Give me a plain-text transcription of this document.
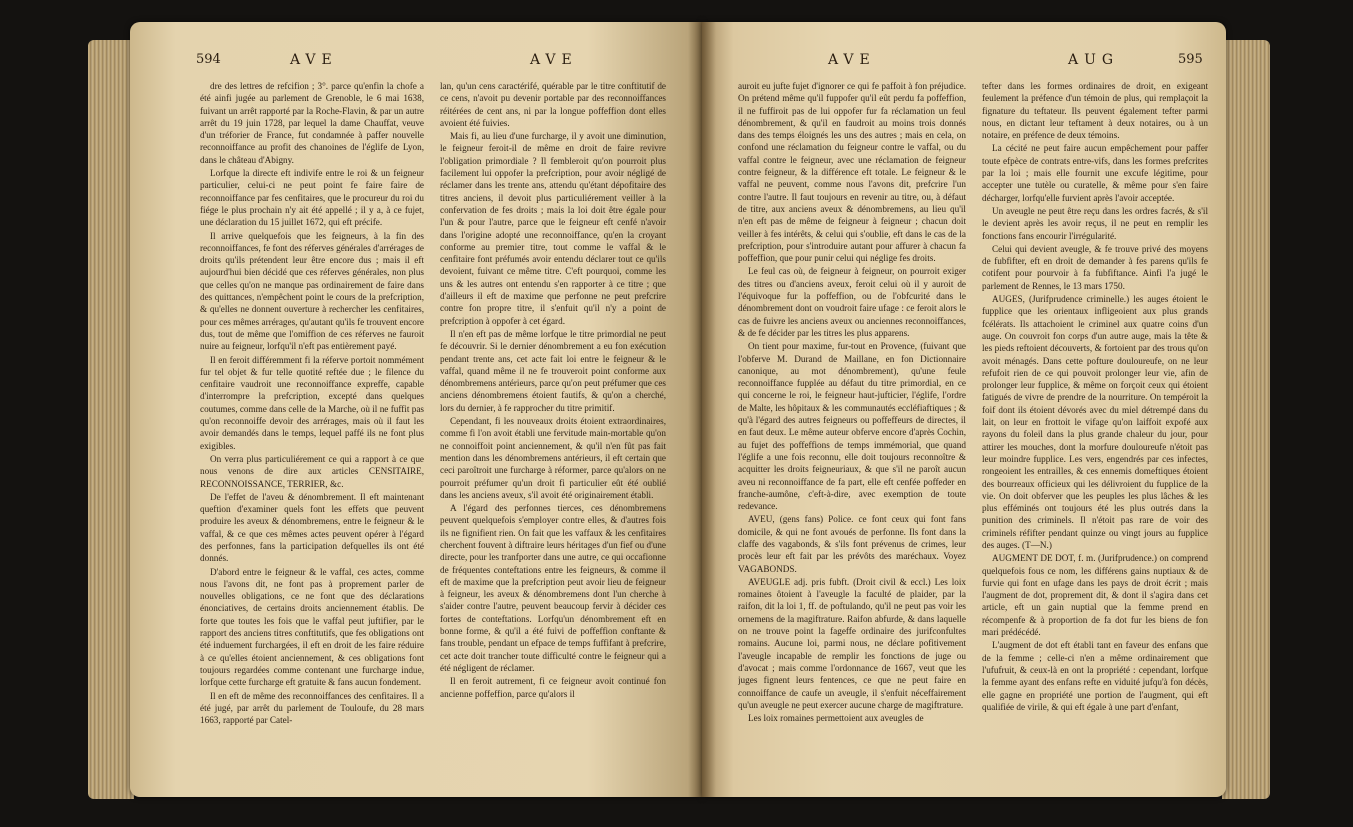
594	AVE	AVE	AVE	AUG	595

dre des lettres de refcifion ; 3°. parce qu'enfin la chofe a été ainfi jugée au parlement de Grenoble, le 6 mai 1638, fuivant un arrêt rapporté par la Roche-Flavin, & par un autre arrêt du 19 juin 1728, par lequel la dame Chauffat, veuve d'un tréforier de France, fut condamnée à paffer nouvelle reconnoiffance au profit des chanoines de l'églife de Lyon, dans le château d'Abigny.

Lorfque la directe eft indivife entre le roi & un feigneur particulier, celui-ci ne peut point fe faire faire de reconnoiffance par fes cenfitaires, que le procureur du roi du fiége le plus prochain n'y ait été appellé ; il y a, à ce fujet, une déclaration du 15 juillet 1672, qui eft précife.

Il arrive quelquefois que les feigneurs, à la fin des reconnoiffances, fe font des réferves générales d'arrérages de droits qu'ils prétendent leur être encore dus ; mais il eft aujourd'hui bien décidé que ces réferves générales, non plus que celles qu'on ne manque pas ordinairement de faire dans des quittances, n'empêchent point le cours de la prefcription, & qu'elles ne donnent ouverture à rechercher les cenfitaires, pour ces mêmes arrérages, qu'autant qu'ils fe trouvent encore dus, tout de même que l'omiffion de ces réferves ne fauroit nuire au feigneur, lorfqu'il n'eft pas entièrement payé.

Il en feroit différemment fi la réferve portoit nommément fur tel objet & fur telle quotité reftée due ; le filence du cenfitaire vaudroit une reconnoiffance expreffe, capable d'interrompre la prefcription, excepté dans quelques coutumes, comme dans celle de la Marche, où il ne fuffit pas qu'on reconnoiffe devoir des arrérages, mais où il faut les avoir demandés dans le temps, lequel paffé ils ne font plus exigibles.

On verra plus particuliérement ce qui a rapport à ce que nous venons de dire aux articles CENSITAIRE, RECONNOISSANCE, TERRIER, &c.

De l'effet de l'aveu & dénombrement. Il eft maintenant queftion d'examiner quels font les effets que peuvent produire les aveux & dénombremens, entre le feigneur & le vaffal, & ce que ces mêmes actes peuvent opérer à l'égard des perfonnes, fans la participation defquelles ils ont été donnés.

D'abord entre le feigneur & le vaffal, ces actes, comme nous l'avons dit, ne font pas à proprement parler de nouvelles obligations, ce ne font que des déclarations énonciatives, de certains droits anciennement établis. De forte que toutes les fois que le vaffal peut juftifier, par le rapport des anciens titres conftitutifs, que fes obligations ont été induement furchargées, il eft en droit de les faire réduire à ce qu'elles étoient anciennement, & ces obligations font toujours regardées comme contenant une furcharge indue, lorfque cette furcharge eft gratuite & fans aucun fondement.

Il en eft de même des reconnoiffances des cenfitaires. Il a été jugé, par arrêt du parlement de Touloufe, du 28 mars 1663, rapporté par Catel-

lan, qu'un cens caractérifé, quérable par le titre conftitutif de ce cens, n'avoit pu devenir portable par des reconnoiffances réitérées de cent ans, ni par la longue poffeffion dont elles avoient été fuivies.

Mais fi, au lieu d'une furcharge, il y avoit une diminution, le feigneur feroit-il de même en droit de faire revivre l'obligation primordiale ? Il fembleroit qu'on pourroit plus facilement lui oppofer la prefcription, pour avoir négligé de réclamer dans les trente ans, attendu qu'étant dépofitaire des titres anciens, il devoit plus particuliérement veiller à la confervation de fes droits ; mais la loi doit être égale pour l'un & pour l'autre, parce que le feigneur eft cenfé n'avoir dans l'origine adopté une reconnoiffance, qu'en la croyant conforme au premier titre, tout comme le vaffal & le cenfitaire font préfumés avoir entendu déclarer tout ce qu'ils devoient, fuivant ce même titre. C'eft pourquoi, comme les uns & les autres ont entendu s'en rapporter à ce titre ; que d'ailleurs il eft de maxime que perfonne ne peut prefcrire contre fon propre titre, il s'enfuit qu'il n'y a point de prefcription à oppofer à cet égard.

Il n'en eft pas de même lorfque le titre primordial ne peut fe découvrir. Si le dernier dénombrement a eu fon exécution pendant trente ans, cet acte fait loi entre le feigneur & le vaffal, quand même il ne fe trouveroit point conforme aux dénombremens antérieurs, parce qu'on peut préfumer que ces anciens dénombremens étoient fautifs, & qu'on a cherché, lors du dernier, à fe rapprocher du titre primitif.

Cependant, fi les nouveaux droits étoient extraordinaires, comme fi l'on avoit établi une fervitude main-mortable qu'on ne connoiffoit point anciennement, & qu'il n'en fût pas fait mention dans les dénombremens antérieurs, il eft certain que ceci paroîtroit une furcharge à réformer, parce qu'alors on ne pourroit préfumer qu'un droit fi particulier eût été oublié dans les anciens aveux, s'il avoit été originairement établi.

A l'égard des perfonnes tierces, ces dénombremens peuvent quelquefois s'employer contre elles, & d'autres fois ils ne fignifient rien. On fait que les vaffaux & les cenfitaires cherchent fouvent à diftraire leurs héritages d'un fief ou d'une directe, pour les tranfporter dans une autre, ce qui occafionne de fréquentes conteftations entre les feigneurs, & comme il eft de maxime que la prefcription peut avoir lieu de feigneur à feigneur, les aveux & dénombremens dont l'un cherche à s'aider contre l'autre, peuvent beaucoup fervir à décider ces fortes de conteftations. Lorfqu'un dénombrement eft en bonne forme, & qu'il a été fuivi de poffeffion conftante & fans trouble, pendant un efpace de temps fuffifant à prefcrire, cet acte doit trancher toute difficulté contre le feigneur qui a été négligent de réclamer.

Il en feroit autrement, fi ce feigneur avoit continué fon ancienne poffeffion, parce qu'alors il

auroit eu jufte fujet d'ignorer ce qui fe paffoit à fon préjudice. On prétend même qu'il fuppofer qu'il eût perdu fa poffeffion, il ne fuffiroit pas de lui oppofer fur fa réclamation un feul dénombrement, & qu'il en faudroit au moins trois donnés dans des temps éloignés les uns des autres ; mais en cela, on confond une réclamation du feigneur contre le vaffal, ou du vaffal contre le feigneur, avec une réclamation de feigneur contre feigneur, & la différence eft totale. Le feigneur & le vaffal ne peuvent, comme nous l'avons dit, prefcrire l'un contre l'autre. Il faut toujours en revenir au titre, ou, à défaut de titre, aux anciens aveux & dénombremens, au lieu qu'il n'en eft pas de même de feigneur à feigneur ; chacun doit veiller à fes intérêts, & celui qui s'oublie, eft dans le cas de la prefcription, pour s'introduire autant pour affurer à chacun fa poffeffion, que pour punir celui qui néglige fes droits.

Le feul cas où, de feigneur à feigneur, on pourroit exiger des titres ou d'anciens aveux, feroit celui où il y auroit de l'équivoque fur la poffeffion, ou de l'obfcurité dans le dénombrement dont on voudroit faire ufage : ce feroit alors le cas de fuivre les anciens aveux ou anciennes reconnoiffances, & de fe décider par les titres les plus apparens.

On tient pour maxime, fur-tout en Provence, (fuivant que l'obferve M. Durand de Maillane, en fon Dictionnaire canonique, au mot dénombrement), qu'une feule reconnoiffance fupplée au défaut du titre primordial, en ce qui concerne le roi, le feigneur haut-jufticier, l'églife, l'ordre de Malte, les hôpitaux & les communautés eccléfiaftiques ; & qu'à l'égard des autres feigneurs ou poffeffeurs de directes, il en faut deux. Le même auteur obferve encore d'après Cochin, au fujet des poffeffions de temps immémorial, que quand l'églife a une fois reconnu, elle doit toujours reconnoître & acquitter les droits feigneuriaux, & que s'il ne paroît aucun aveu ni reconnoiffance de fa part, elle eft cenfée poffeder en franche-aumône, c'eft-à-dire, avec exemption de toute redevance.

AVEU, (gens fans) Police. ce font ceux qui font fans domicile, & qui ne font avoués de perfonne. Ils font dans la claffe des vagabonds, & s'ils font prévenus de crimes, leur procès leur eft fait par les prévôts des maréchaux. Voyez VAGABONDS.

AVEUGLE adj. pris fubft. (Droit civil & eccl.) Les loix romaines ôtoient à l'aveugle la faculté de plaider, par la raifon, dit la loi 1, ff. de poftulando, qu'il ne peut pas voir les ornemens de la magiftrature. Raifon abfurde, & dans laquelle on ne trouve point la fageffe ordinaire des jurifconfultes romains. Aucune loi, parmi nous, ne déclare pofitivement l'aveugle incapable de remplir les fonctions de juge ou d'avocat ; mais comme l'ordonnance de 1667, veut que les juges fignent leurs fentences, ce que ne peut faire en connoiffance de caufe un aveugle, il s'enfuit néceffairement qu'un aveugle ne peut exercer aucune charge de magiftrature.

Les loix romaines permettoient aux aveugles de

tefter dans les formes ordinaires de droit, en exigeant feulement la préfence d'un témoin de plus, qui remplaçoit la fignature du teftateur. Ils peuvent également tefter parmi nous, en dictant leur teftament à deux notaires, ou à un notaire, en préfence de deux témoins.

La cécité ne peut faire aucun empêchement pour paffer toute efpèce de contrats entre-vifs, dans les formes prefcrites par la loi ; mais elle fournit une excufe légitime, pour accepter une tutèle ou curatelle, & même pour s'en faire décharger, lorfqu'elle furvient après l'avoir acceptée.

Un aveugle ne peut être reçu dans les ordres facrés, & s'il le devient après les avoir reçus, il ne peut en remplir les fonctions fans encourir l'irrégularité.

Celui qui devient aveugle, & fe trouve privé des moyens de fubfifter, eft en droit de demander à fes parens qu'ils fe cotifent pour pourvoir à fa fubfiftance. Ainfi l'a jugé le parlement de Rennes, le 13 mars 1750.

AUGES, (Jurifprudence criminelle.) les auges étoient le fupplice que les orientaux infligeoient aux plus grands fcélérats. Ils attachoient le criminel aux quatre coins d'un auge. On couvroit fon corps d'un autre auge, mais la tête & les pieds reftoient découverts, & fortoient par des trous qu'on avoit ménagés. Dans cette pofture douloureufe, on ne leur refufoit rien de ce qui pouvoit prolonger leur vie, afin de prolonger leur fupplice, & même on forçoit ceux qui étoient fatigués de vivre de prendre de la nourriture. On tempéroit la foif dont ils étoient dévorés avec du miel détrempé dans du lait, on leur en frottoit le vifage qu'on laiffoit expofé aux rayons du foleil dans la plus grande chaleur du jour, pour attirer les mouches, dont la morfure douloureufe n'étoit pas leur moindre fupplice. Les vers, engendrés par ces infectes, rongeoient les entrailles, & ces ennemis domeftiques étoient des bourreaux officieux qui les délivroient du fupplice de la vie. On doit obferver que les peuples les plus lâches & les plus efféminés ont toujours été les plus outrés dans la punition des criminels. Il n'étoit pas rare de voir des criminels réfifter pendant quinze ou vingt jours au fupplice des auges. (T—N.)

AUGMENT DE DOT, f. m. (Jurifprudence.) on comprend quelquefois fous ce nom, les différens gains nuptiaux & de furvie qui font en ufage dans les pays de droit écrit ; mais l'augment de dot, proprement dit, & dont il s'agira dans cet article, eft un gain nuptial que la femme prend en récompenfe & à proportion de fa dot fur les biens de fon mari prédécédé.

L'augment de dot eft établi tant en faveur des enfans que de la femme ; celle-ci n'en a même ordinairement que l'ufufruit, & ceux-là en ont la propriété : cependant, lorfque la femme ayant des enfans refte en viduité jufqu'à fon décès, elle gagne en propriété une portion de l'augment, qui eft qualifiée de virile, & qui eft égale à une part d'enfant,
